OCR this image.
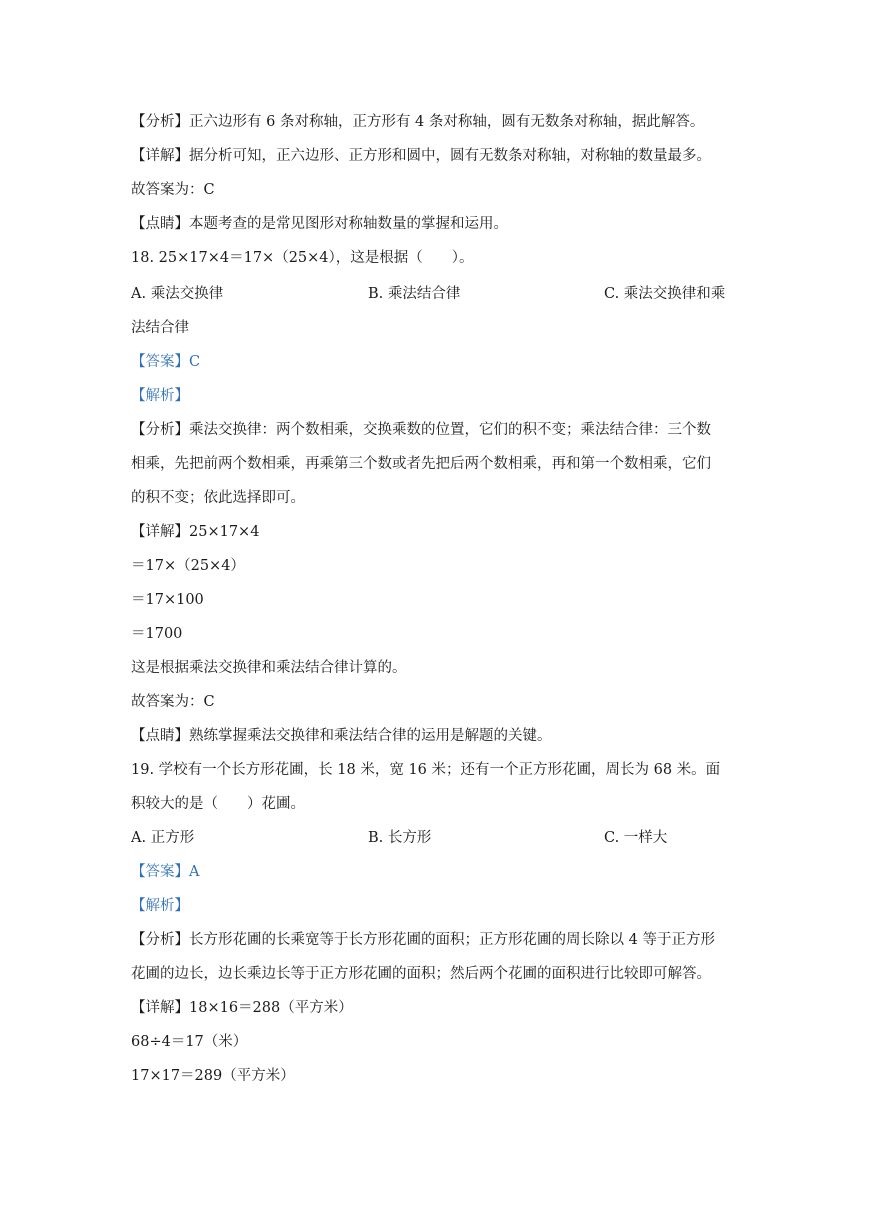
【分析】正六边形有 6 条对称轴，正方形有 4 条对称轴，圆有无数条对称轴，据此解答。
【详解】据分析可知，正六边形、正方形和圆中，圆有无数条对称轴，对称轴的数量最多。
故答案为：C
【点睛】本题考查的是常见图形对称轴数量的掌握和运用。
18. 25×17×4＝17×（25×4），这是根据（　　）。
A. 乘法交换律	B. 乘法结合律	C. 乘法交换律和乘
法结合律
【答案】C
【解析】
【分析】乘法交换律：两个数相乘，交换乘数的位置，它们的积不变；乘法结合律：三个数
相乘，先把前两个数相乘，再乘第三个数或者先把后两个数相乘，再和第一个数相乘，它们
的积不变；依此选择即可。
【详解】25×17×4
＝17×（25×4）
＝17×100
＝1700
这是根据乘法交换律和乘法结合律计算的。
故答案为：C
【点睛】熟练掌握乘法交换律和乘法结合律的运用是解题的关键。
19. 学校有一个长方形花圃，长 18 米，宽 16 米；还有一个正方形花圃，周长为 68 米。面
积较大的是（　　）花圃。
A. 正方形	B. 长方形	C. 一样大
【答案】A
【解析】
【分析】长方形花圃的长乘宽等于长方形花圃的面积；正方形花圃的周长除以 4 等于正方形
花圃的边长，边长乘边长等于正方形花圃的面积；然后两个花圃的面积进行比较即可解答。
【详解】18×16＝288（平方米）
68÷4＝17（米）
17×17＝289（平方米）
